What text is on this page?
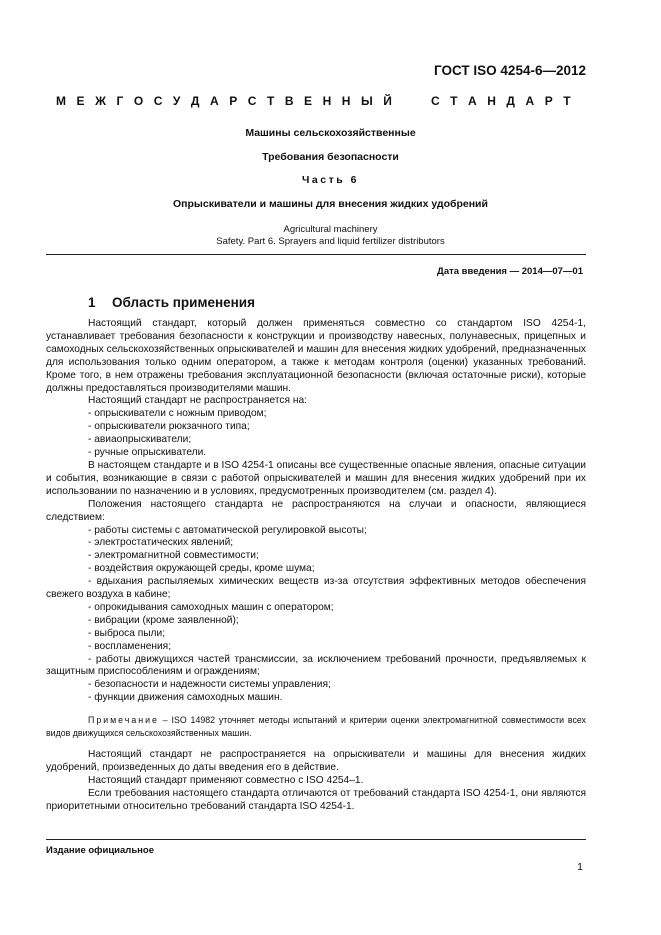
ГОСТ ISO 4254-6—2012
М Е Ж Г О С У Д А Р С Т В Е Н Н Ы Й	С Т А Н Д А Р Т
Машины сельскохозяйственные
Требования безопасности
Часть 6
Опрыскиватели и машины для внесения жидких удобрений
Agricultural machinery
Safety. Part 6. Sprayers and liquid fertilizer distributors
Дата введения — 2014—07—01
1 Область применения

Настоящий стандарт, который должен применяться совместно со стандартом ISO 4254-1, устанавливает требования безопасности к конструкции и производству навесных, полунавесных, прицепных и самоходных сельскохозяйственных опрыскивателей и машин для внесения жидких удобрений, предназначенных для использования только одним оператором, а также к методам контроля (оценки) указанных требований. Кроме того, в нем отражены требования эксплуатационной безопасности (включая остаточные риски), которые должны предоставляться производителями машин.

Настоящий стандарт не распространяется на:

- опрыскиватели с ножным приводом;

- опрыскиватели рюкзачного типа;

- авиаопрыскиватели;

- ручные опрыскиватели.

В настоящем стандарте и в ISO 4254-1 описаны все существенные опасные явления, опасные ситуации и события, возникающие в связи с работой опрыскивателей и машин для внесения жидких удобрений при их использовании по назначению и в условиях, предусмотренных производителем (см. раздел 4).

Положения настоящего стандарта не распространяются на случаи и опасности, являющиеся следствием:

- работы системы с автоматической регулировкой высоты;

- электростатических явлений;

- электромагнитной совместимости;

- воздействия окружающей среды, кроме шума;

- вдыхания распыляемых химических веществ из-за отсутствия эффективных методов обеспечения свежего воздуха в кабине;

- опрокидывания самоходных машин с оператором;

- вибрации (кроме заявленной);

- выброса пыли;

- воспламенения;

- работы движущихся частей трансмиссии, за исключением требований прочности, предъявляемых к защитным приспособлениям и ограждениям;

- безопасности и надежности системы управления;

- функции движения самоходных машин.

Примечание – ISO 14982 уточняет методы испытаний и критерии оценки электромагнитной совместимости всех видов движущихся сельскохозяйственных машин.

Настоящий стандарт не распространяется на опрыскиватели и машины для внесения жидких удобрений, произведенных до даты введения его в действие.

Настоящий стандарт применяют совместно с ISO 4254–1.

Если требования настоящего стандарта отличаются от требований стандарта ISO 4254-1, они являются приоритетными относительно требований стандарта ISO 4254-1.

Издание официальное
1
